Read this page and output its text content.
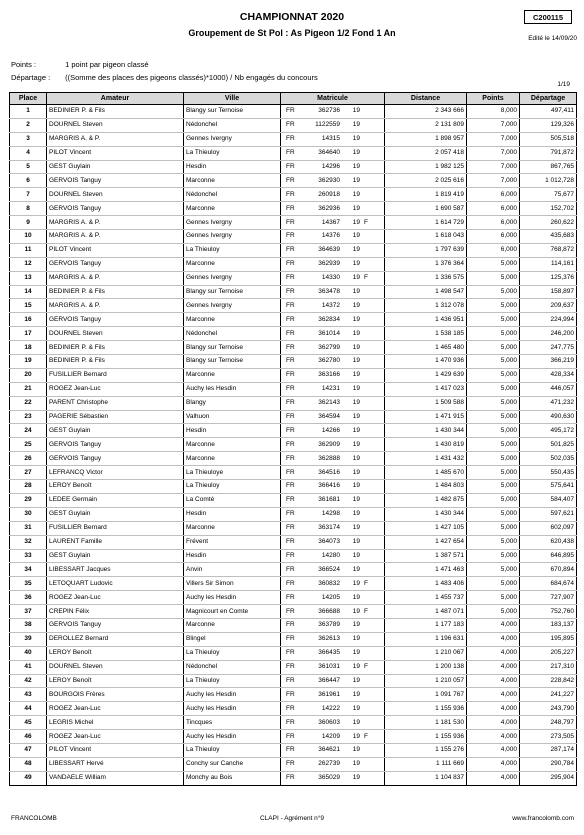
CHAMPIONNAT 2020
Groupement de St Pol : As Pigeon 1/2 Fond 1 An
C200115
Edité le 14/09/20
Points :	1 point par pigeon classé
Départage : ((Somme des places des pigeons classés)*1000) / Nb engagés du concours
1/19
Place	Amateur	Ville	Matricule	Distance	Points	Départage
1	BEDINIER P. & Fils	Blangy sur Ternoise	FR 362736 19	2 343 666	8,000	497,411
2	DOURNEL Steven	Nédonchel	FR 1122559 19	2 131 809	7,000	129,326
3	MARGRIS A. & P.	Gennes Ivergny	FR 14315 19	1 898 957	7,000	505,518
4	PILOT Vincent	La Thieuloy	FR 364640 19	2 057 418	7,000	791,872
5	GEST Guylain	Hesdin	FR 14296 19	1 982 125	7,000	867,765
6	GERVOIS Tanguy	Marconne	FR 362930 19	2 025 616	7,000	1 012,728
7	DOURNEL Steven	Nédonchel	FR 260918 19	1 819 419	6,000	75,677
8	GERVOIS Tanguy	Marconne	FR 362936 19	1 690 587	6,000	152,702
9	MARGRIS A. & P.	Gennes Ivergny	FR 14367 19 F	1 614 729	6,000	260,622
10	MARGRIS A. & P.	Gennes Ivergny	FR 14376 19	1 618 043	6,000	435,683
11	PILOT Vincent	La Thieuloy	FR 364639 19	1 797 639	6,000	768,872
12	GERVOIS Tanguy	Marconne	FR 362939 19	1 376 364	5,000	114,161
13	MARGRIS A. & P.	Gennes Ivergny	FR 14330 19 F	1 336 575	5,000	125,376
14	BEDINIER P. & Fils	Blangy sur Ternoise	FR 363478 19	1 498 547	5,000	158,897
15	MARGRIS A. & P.	Gennes Ivergny	FR 14372 19	1 312 078	5,000	209,637
16	GERVOIS Tanguy	Marconne	FR 362834 19	1 436 951	5,000	224,994
17	DOURNEL Steven	Nédonchel	FR 361014 19	1 538 185	5,000	246,200
18	BEDINIER P. & Fils	Blangy sur Ternoise	FR 362799 19	1 465 480	5,000	247,775
19	BEDINIER P. & Fils	Blangy sur Ternoise	FR 362780 19	1 470 936	5,000	366,219
20	FUSILLIER Bernard	Marconne	FR 363166 19	1 429 639	5,000	428,334
21	ROGEZ Jean-Luc	Auchy les Hesdin	FR 14231 19	1 417 023	5,000	446,057
22	PARENT Christophe	Blangy	FR 362143 19	1 509 588	5,000	471,232
23	PAGERIE Sébastien	Valhuon	FR 364594 19	1 471 915	5,000	490,630
24	GEST Guylain	Hesdin	FR 14266 19	1 430 344	5,000	495,172
25	GERVOIS Tanguy	Marconne	FR 362909 19	1 430 819	5,000	501,825
26	GERVOIS Tanguy	Marconne	FR 362888 19	1 431 432	5,000	502,035
27	LEFRANCQ Victor	La Thieuloye	FR 364516 19	1 485 670	5,000	550,435
28	LEROY Benoît	La Thieuloy	FR 366416 19	1 484 803	5,000	575,641
29	LEDEE Germain	La Comté	FR 361681 19	1 482 875	5,000	584,407
30	GEST Guylain	Hesdin	FR 14298 19	1 430 344	5,000	597,621
31	FUSILLIER Bernard	Marconne	FR 363174 19	1 427 105	5,000	602,097
32	LAURENT Famille	Frévent	FR 364073 19	1 427 654	5,000	620,438
33	GEST Guylain	Hesdin	FR 14280 19	1 387 571	5,000	646,895
34	LIBESSART Jacques	Anvin	FR 366524 19	1 471 463	5,000	670,894
35	LETOQUART Ludovic	Villers Sir Simon	FR 360832 19 F	1 483 406	5,000	684,674
36	ROGEZ Jean-Luc	Auchy les Hesdin	FR 14205 19	1 455 737	5,000	727,907
37	CREPIN Félix	Magnicourt en Comte	FR 366688 19 F	1 487 071	5,000	752,760
38	GERVOIS Tanguy	Marconne	FR 363789 19	1 177 183	4,000	183,137
39	DEROLLEZ Bernard	Blingel	FR 362613 19	1 196 631	4,000	195,895
40	LEROY Benoît	La Thieuloy	FR 366435 19	1 210 067	4,000	205,227
41	DOURNEL Steven	Nédonchel	FR 361031 19 F	1 200 138	4,000	217,310
42	LEROY Benoît	La Thieuloy	FR 366447 19	1 210 057	4,000	228,842
43	BOURGOIS Frères	Auchy les Hesdin	FR 361961 19	1 091 767	4,000	241,227
44	ROGEZ Jean-Luc	Auchy les Hesdin	FR 14222 19	1 155 936	4,000	243,790
45	LEGRIS Michel	Tincques	FR 360603 19	1 181 530	4,000	248,797
46	ROGEZ Jean-Luc	Auchy les Hesdin	FR 14209 19 F	1 155 936	4,000	273,505
47	PILOT Vincent	La Thieuloy	FR 364621 19	1 155 276	4,000	287,174
48	LIBESSART Hervé	Conchy sur Canche	FR 262739 19	1 111 669	4,000	290,784
49	VANDAELE William	Monchy au Bois	FR 365029 19	1 104 837	4,000	295,904
FRANCOLOMB	CLAPI - Agrément n°9	www.francolomb.com
